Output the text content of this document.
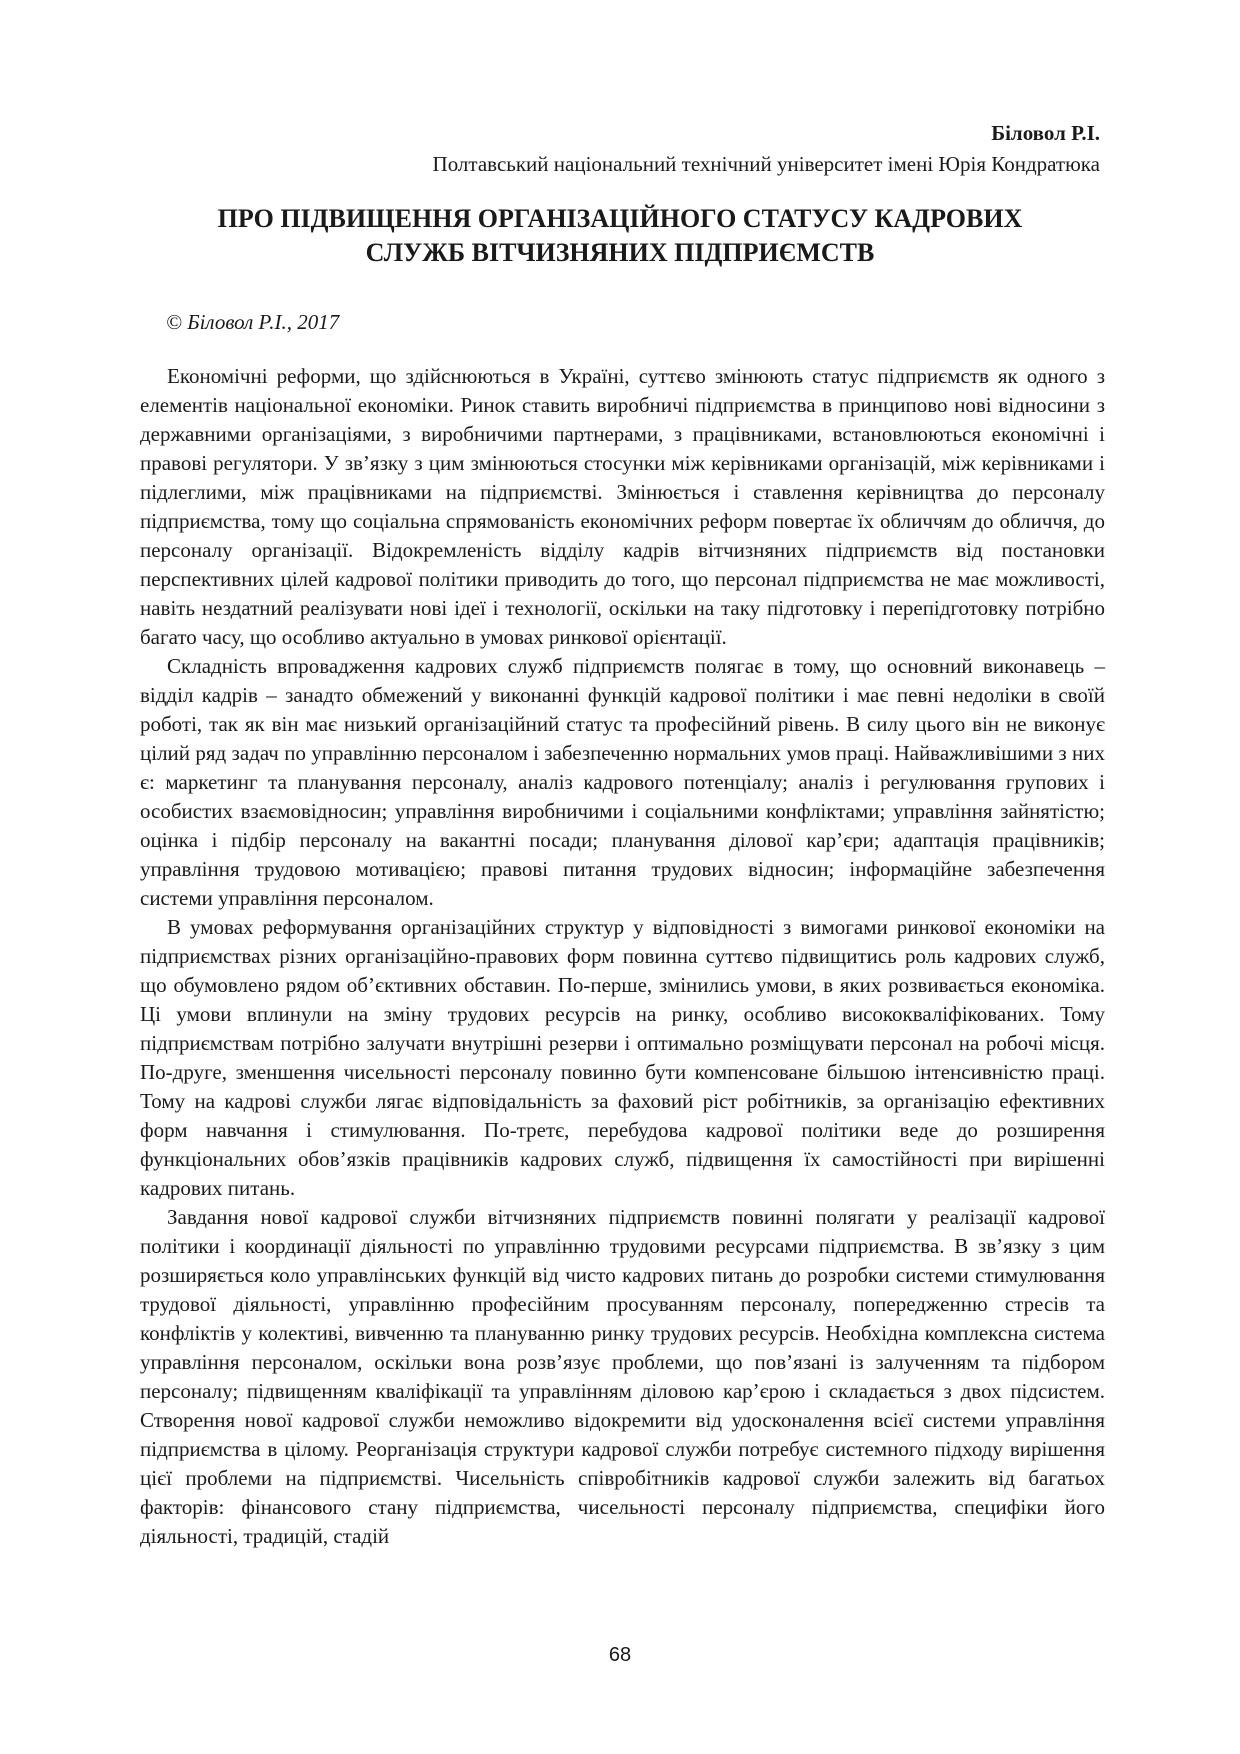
Біловол Р.І.
Полтавський національний технічний університет імені Юрія Кондратюка
ПРО ПІДВИЩЕННЯ ОРГАНІЗАЦІЙНОГО СТАТУСУ КАДРОВИХ
СЛУЖБ ВІТЧИЗНЯНИХ ПІДПРИЄМСТВ
© Біловол Р.І., 2017

Економічні реформи, що здійснюються в Україні, суттєво змінюють статус підприємств як одного з елементів національної економіки. Ринок ставить виробничі підприємства в принципово нові відносини з державними організаціями, з виробничими партнерами, з працівниками, встановлюються економічні і правові регулятори. У зв’язку з цим змінюються стосунки між керівниками організацій, між керівниками і підлеглими, між працівниками на підприємстві. Змінюється і ставлення керівництва до персоналу підприємства, тому що соціальна спрямованість економічних реформ повертає їх обличчям до обличчя, до персоналу організації. Відокремленість відділу кадрів вітчизняних підприємств від постановки перспективних цілей кадрової політики приводить до того, що персонал підприємства не має можливості, навіть нездатний реалізувати нові ідеї і технології, оскільки на таку підготовку і перепідготовку потрібно багато часу, що особливо актуально в умовах ринкової орієнтації.

Складність впровадження кадрових служб підприємств полягає в тому, що основний виконавець – відділ кадрів – занадто обмежений у виконанні функцій кадрової політики і має певні недоліки в своїй роботі, так як він має низький організаційний статус та професійний рівень. В силу цього він не виконує цілий ряд задач по управлінню персоналом і забезпеченню нормальних умов праці. Найважливішими з них є: маркетинг та планування персоналу, аналіз кадрового потенціалу; аналіз і регулювання групових і особистих взаємовідносин; управління виробничими і соціальними конфліктами; управління зайнятістю; оцінка і підбір персоналу на вакантні посади; планування ділової кар’єри; адаптація працівників; управління трудовою мотивацією; правові питання трудових відносин; інформаційне забезпечення системи управління персоналом.

В умовах реформування організаційних структур у відповідності з вимогами ринкової економіки на підприємствах різних організаційно-правових форм повинна суттєво підвищитись роль кадрових служб, що обумовлено рядом об’єктивних обставин. По-перше, змінились умови, в яких розвивається економіка. Ці умови вплинули на зміну трудових ресурсів на ринку, особливо висококваліфікованих. Тому підприємствам потрібно залучати внутрішні резерви і оптимально розміщувати персонал на робочі місця. По-друге, зменшення чисельності персоналу повинно бути компенсоване більшою інтенсивністю праці. Тому на кадрові служби лягає відповідальність за фаховий ріст робітників, за організацію ефективних форм навчання і стимулювання. По-третє, перебудова кадрової політики веде до розширення функціональних обов’язків працівників кадрових служб, підвищення їх самостійності при вирішенні кадрових питань.

Завдання нової кадрової служби вітчизняних підприємств повинні полягати у реалізації кадрової політики і координації діяльності по управлінню трудовими ресурсами підприємства. В зв’язку з цим розширяється коло управлінських функцій від чисто кадрових питань до розробки системи стимулювання трудової діяльності, управлінню професійним просуванням персоналу, попередженню стресів та конфліктів у колективі, вивченню та плануванню ринку трудових ресурсів. Необхідна комплексна система управління персоналом, оскільки вона розв’язує проблеми, що пов’язані із залученням та підбором персоналу; підвищенням кваліфікації та управлінням діловою кар’єрою і складається з двох підсистем. Створення нової кадрової служби неможливо відокремити від удосконалення всієї системи управління підприємства в цілому. Реорганізація структури кадрової служби потребує системного підходу вирішення цієї проблеми на підприємстві. Чисельність співробітників кадрової служби залежить від багатьох факторів: фінансового стану підприємства, чисельності персоналу підприємства, специфіки його діяльності, традицій, стадій

68
